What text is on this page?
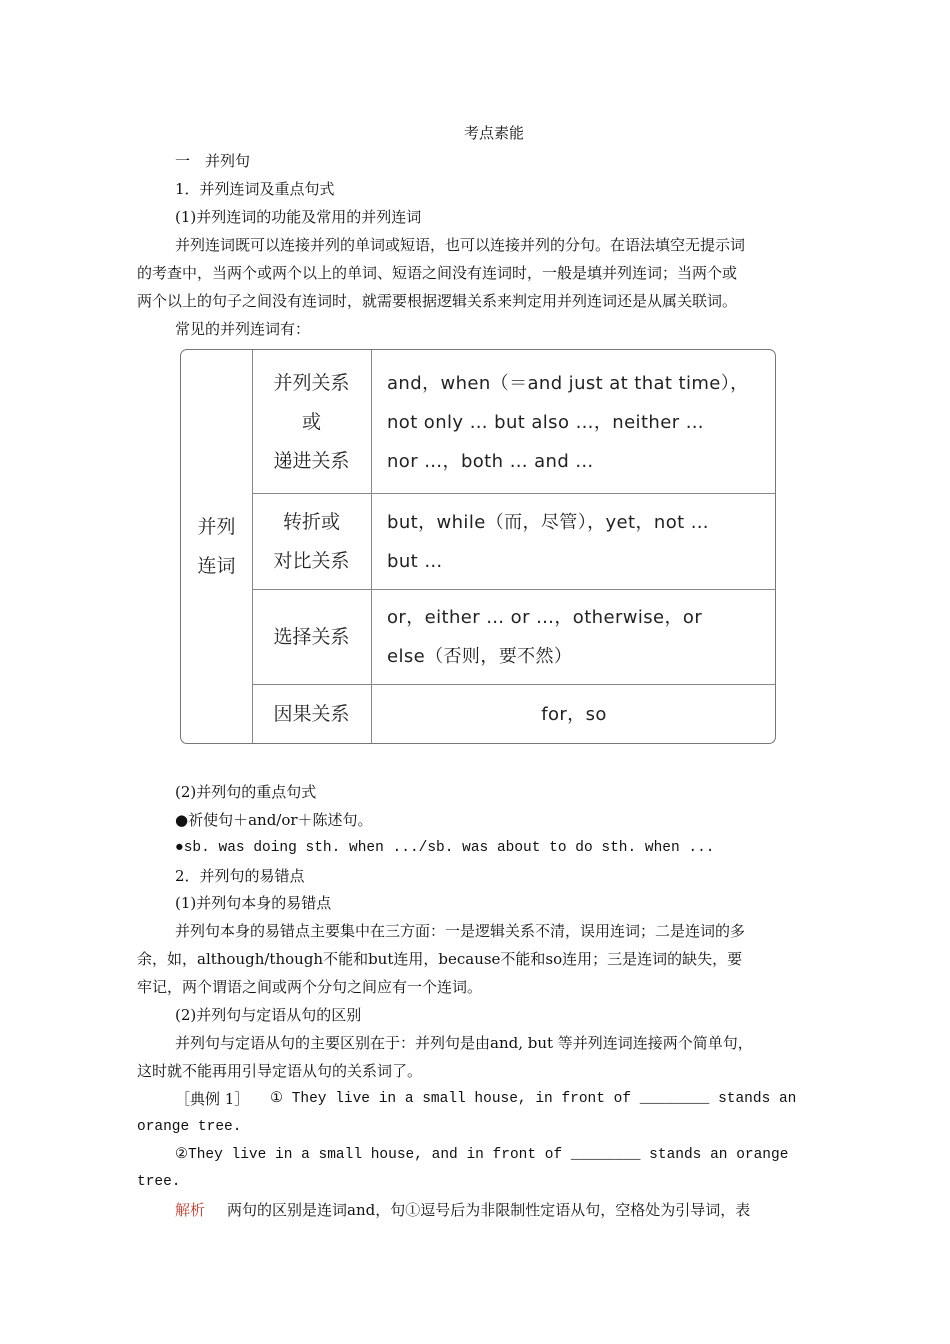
考点素能
一　并列句
1．并列连词及重点句式
(1)并列连词的功能及常用的并列连词
并列连词既可以连接并列的单词或短语，也可以连接并列的分句。在语法填空无提示词
的考查中，当两个或两个以上的单词、短语之间没有连词时，一般是填并列连词；当两个或
两个以上的句子之间没有连词时，就需要根据逻辑关系来判定用并列连词还是从属关联词。
常见的并列连词有：
并列
连词
并列关系
或
递进关系
and，when（＝and just at that time），
not only … but also …，neither …
nor …，both … and …
转折或
对比关系
but，while（而，尽管），yet，not …
but …
选择关系
or，either … or …，otherwise，or
else（否则，要不然）
因果关系	for，so
(2)并列句的重点句式
●祈使句＋and/or＋陈述句。
●sb. was doing sth. when .../sb. was about to do sth. when ...
2．并列句的易错点
(1)并列句本身的易错点
并列句本身的易错点主要集中在三方面：一是逻辑关系不清，误用连词；二是连词的多
余，如，although/though不能和but连用，because不能和so连用；三是连词的缺失，要
牢记，两个谓语之间或两个分句之间应有一个连词。
(2)并列句与定语从句的区别
并列句与定语从句的主要区别在于：并列句是由and, but 等并列连词连接两个简单句，
这时就不能再用引导定语从句的关系词了。
［典例 1］ ① They live in a small house, in front of ________ stands an
orange tree.
②They live in a small house, and in front of ________ stands an orange
tree.
解析 两句的区别是连词and，句①逗号后为非限制性定语从句，空格处为引导词，表
